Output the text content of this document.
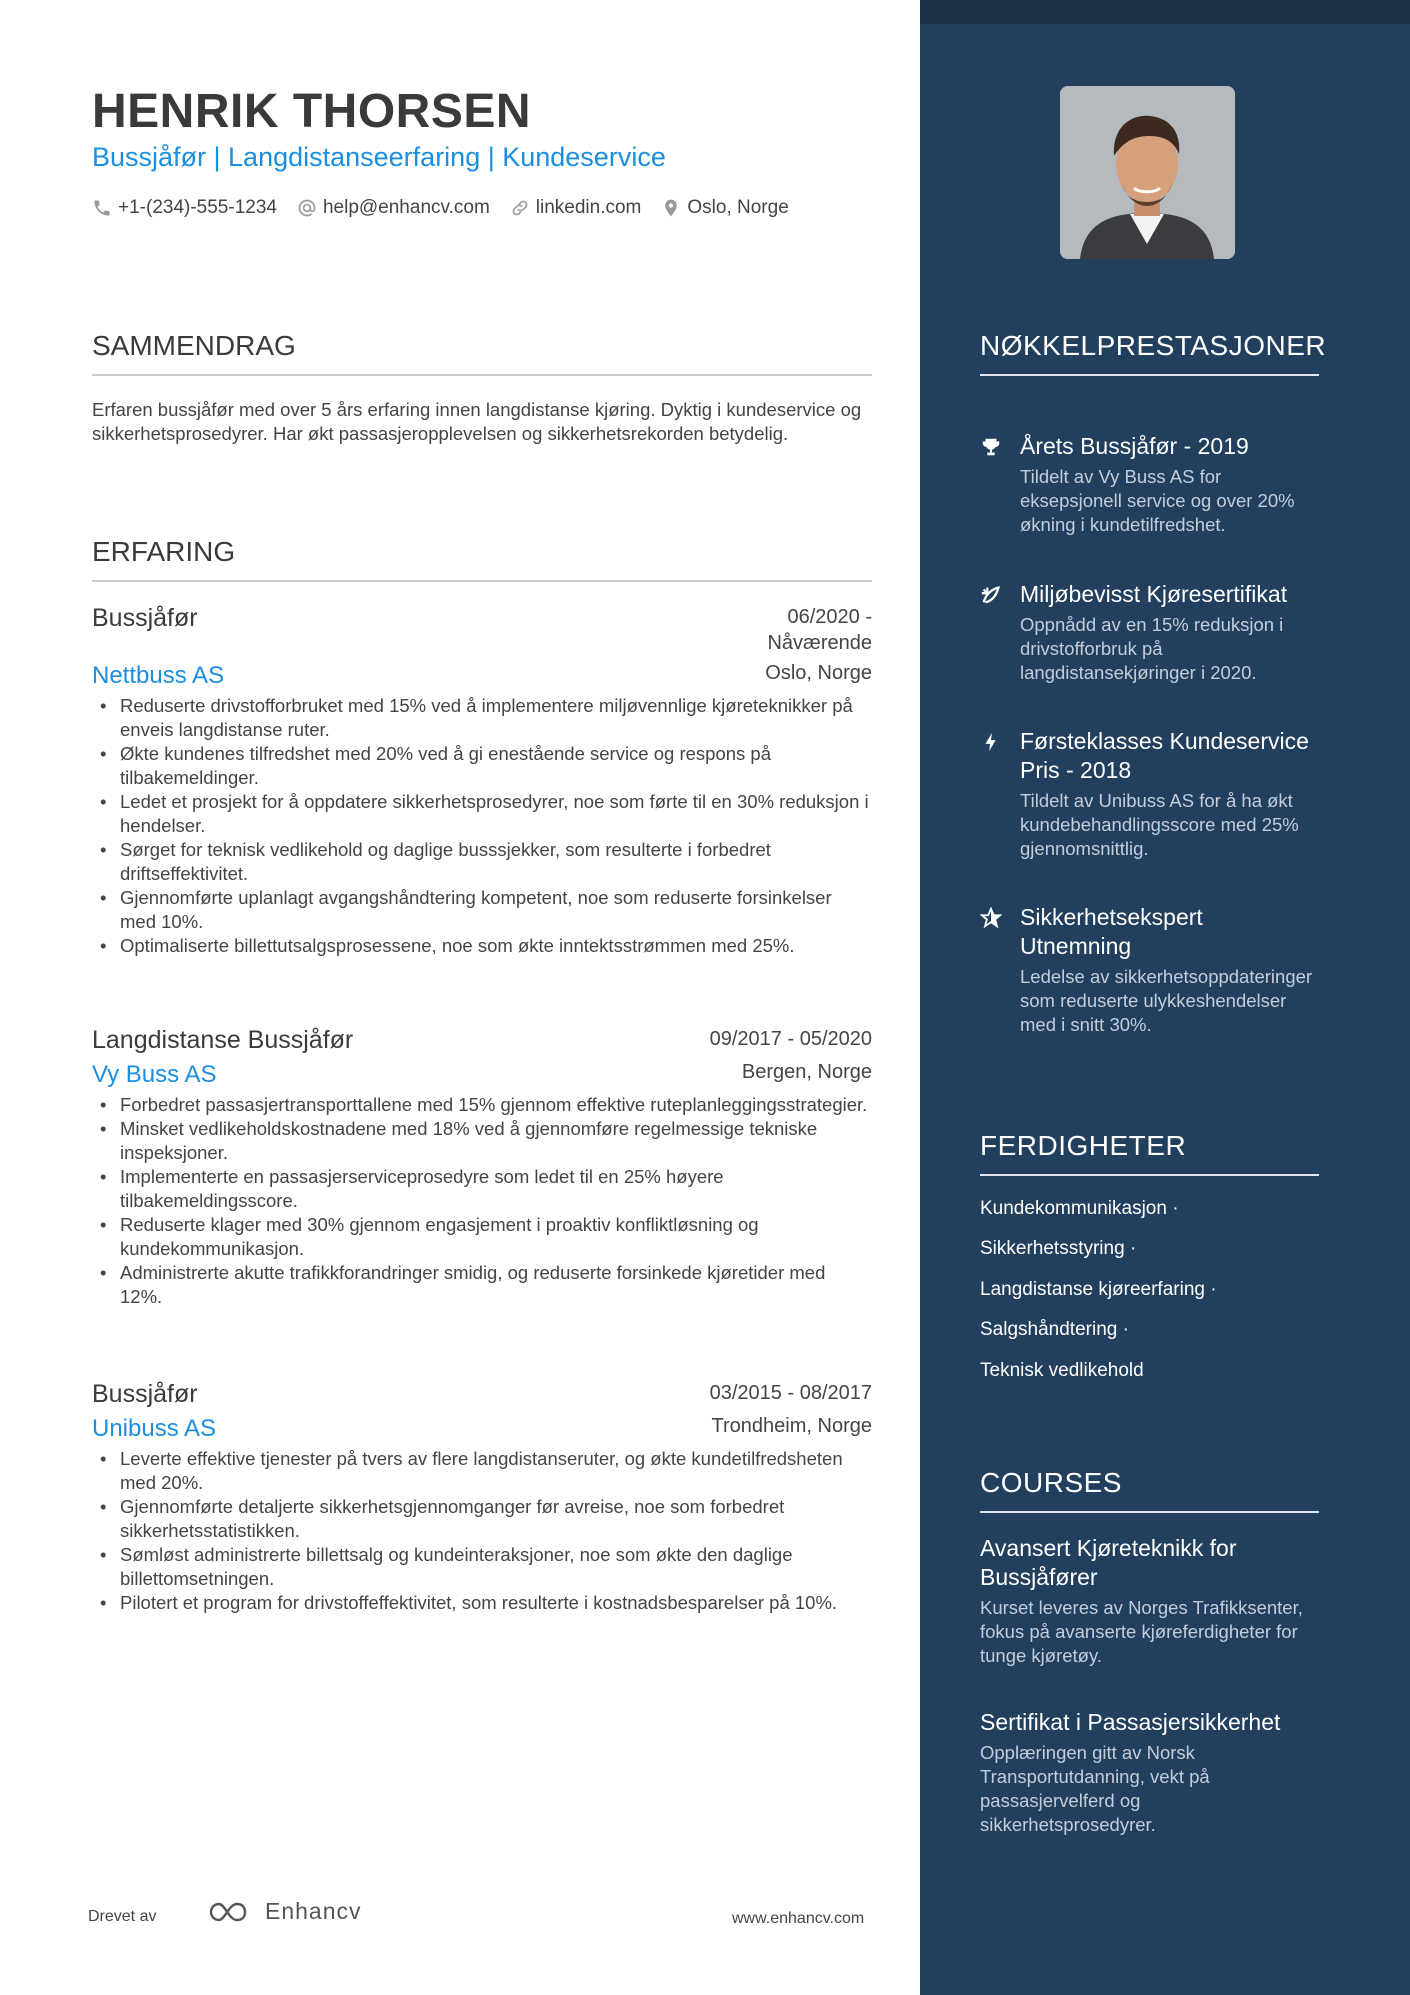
HENRIK THORSEN
Bussjåfør | Langdistanseerfaring | Kundeservice
+1-(234)-555-1234 help@enhancv.com linkedin.com Oslo, Norge
SAMMENDRAG
Erfaren bussjåfør med over 5 års erfaring innen langdistanse kjøring. Dyktig i kundeservice og sikkerhetsprosedyrer. Har økt passasjeropplevelsen og sikkerhetsrekorden betydelig.
ERFARING
Bussjåfør	06/2020 - Nåværende
Nettbuss AS	Oslo, Norge
• Reduserte drivstofforbruket med 15% ved å implementere miljøvennlige kjøreteknikker på enveis langdistanse ruter.
• Økte kundenes tilfredshet med 20% ved å gi enestående service og respons på tilbakemeldinger.
• Ledet et prosjekt for å oppdatere sikkerhetsprosedyrer, noe som førte til en 30% reduksjon i hendelser.
• Sørget for teknisk vedlikehold og daglige busssjekker, som resulterte i forbedret driftseffektivitet.
• Gjennomførte uplanlagt avgangshåndtering kompetent, noe som reduserte forsinkelser med 10%.
• Optimaliserte billettutsalgsprosessene, noe som økte inntektsstrømmen med 25%.
Langdistanse Bussjåfør	09/2017 - 05/2020
Vy Buss AS	Bergen, Norge
• Forbedret passasjertransporttallene med 15% gjennom effektive ruteplanleggingsstrategier.
• Minsket vedlikeholdskostnadene med 18% ved å gjennomføre regelmessige tekniske inspeksjoner.
• Implementerte en passasjerserviceprosedyre som ledet til en 25% høyere tilbakemeldingsscore.
• Reduserte klager med 30% gjennom engasjement i proaktiv konfliktløsning og kundekommunikasjon.
• Administrerte akutte trafikkforandringer smidig, og reduserte forsinkede kjøretider med 12%.
Bussjåfør	03/2015 - 08/2017
Unibuss AS	Trondheim, Norge
• Leverte effektive tjenester på tvers av flere langdistanseruter, og økte kundetilfredsheten med 20%.
• Gjennomførte detaljerte sikkerhetsgjennomganger før avreise, noe som forbedret sikkerhetsstatistikken.
• Sømløst administrerte billettsalg og kundeinteraksjoner, noe som økte den daglige billettomsetningen.
• Pilotert et program for drivstoffeffektivitet, som resulterte i kostnadsbesparelser på 10%.
Drevet av	Enhancv	www.enhancv.com
NØKKELPRESTASJONER
Årets Bussjåfør - 2019
Tildelt av Vy Buss AS for eksepsjonell service og over 20% økning i kundetilfredshet.
Miljøbevisst Kjøresertifikat
Oppnådd av en 15% reduksjon i drivstofforbruk på langdistansekjøringer i 2020.
Førsteklasses Kundeservice Pris - 2018
Tildelt av Unibuss AS for å ha økt kundebehandlingsscore med 25% gjennomsnittlig.
Sikkerhetsekspert Utnemning
Ledelse av sikkerhetsoppdateringer som reduserte ulykkeshendelser med i snitt 30%.
FERDIGHETER
Kundekommunikasjon ·
Sikkerhetsstyring ·
Langdistanse kjøreerfaring ·
Salgshåndtering ·
Teknisk vedlikehold
COURSES
Avansert Kjøreteknikk for Bussjåfører
Kurset leveres av Norges Trafikksenter, fokus på avanserte kjøreferdigheter for tunge kjøretøy.
Sertifikat i Passasjersikkerhet
Opplæringen gitt av Norsk Transportutdanning, vekt på passasjervelferd og sikkerhetsprosedyrer.
